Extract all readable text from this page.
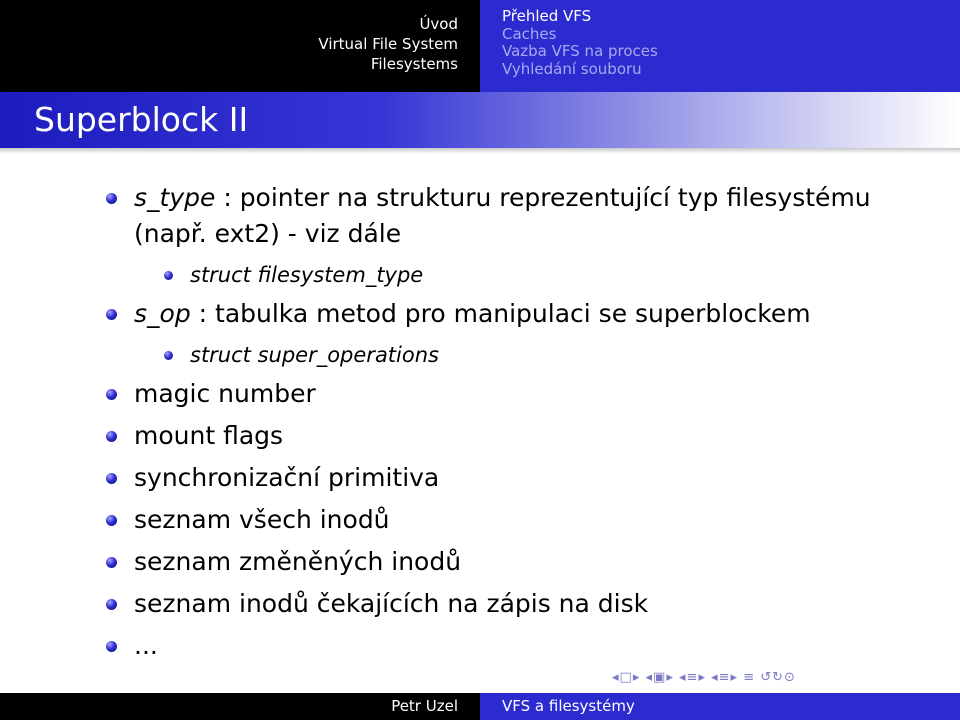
Úvod
Virtual File System
Filesystems
Přehled VFS
Caches
Vazba VFS na proces
Vyhledání souboru
Superblock II
s_type : pointer na strukturu reprezentující typ filesystému (např. ext2) - viz dále
struct filesystem_type
s_op : tabulka metod pro manipulaci se superblockem
struct super_operations
magic number
mount flags
synchronizační primitiva
seznam všech inodů
seznam změněných inodů
seznam inodů čekajících na zápis na disk
...
◂□▸ ◂▣▸ ◂≡▸ ◂≡▸ ≡ ↺↻⊙
Petr Uzel	VFS a filesystémy
